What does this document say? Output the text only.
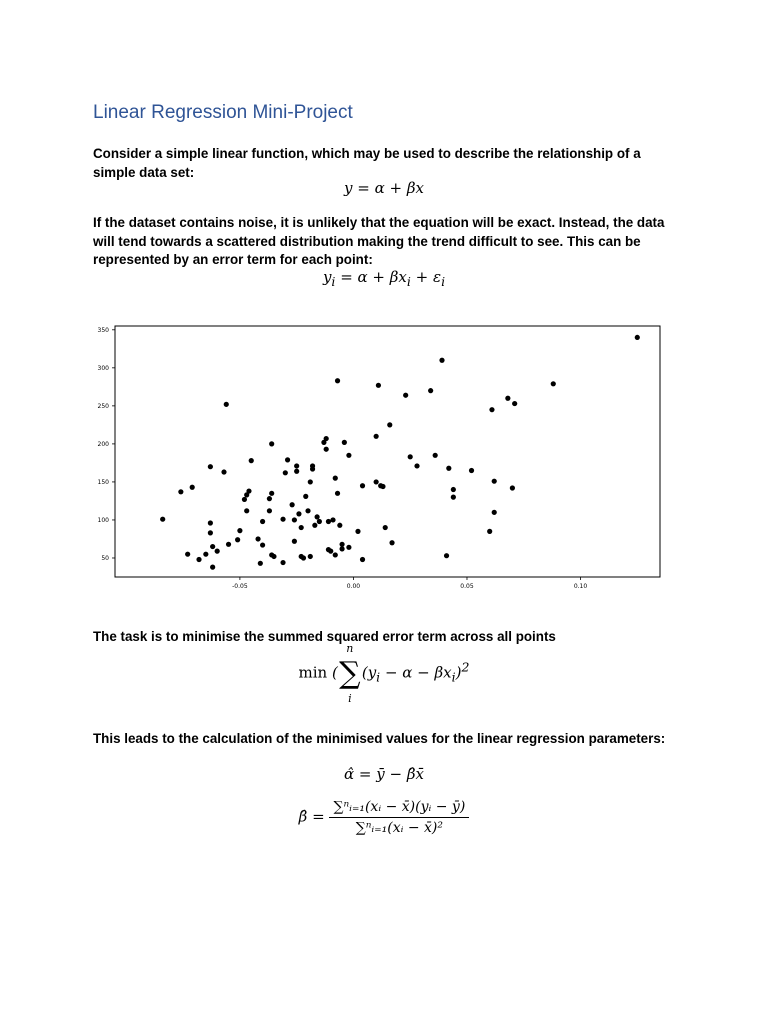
Linear Regression Mini-Project

Consider a simple linear function, which may be used to describe the relationship of a simple data set:

y = α + βx

If the dataset contains noise, it is unlikely that the equation will be exact. Instead, the data will tend towards a scattered distribution making the trend difficult to see. This can be represented by an error term for each point:

$y_i = \alpha + \beta x_i + \varepsilon_i$
50
100
150
200
250
300
350
-0.05	0.00	0.05	0.10

The task is to minimise the summed squared error term across all points

min (
n
∑
i
$(y_i - \alpha - \beta x_i)^2$

This leads to the calculation of the minimised values for the linear regression parameters:

α̂ = ȳ − β̂x̄
β̂ = $\frac{\text{∑ⁿᵢ₌₁(xᵢ − x̄)(yᵢ − ȳ)}}{\text{∑ⁿᵢ₌₁(xᵢ − x̄)²}}$
